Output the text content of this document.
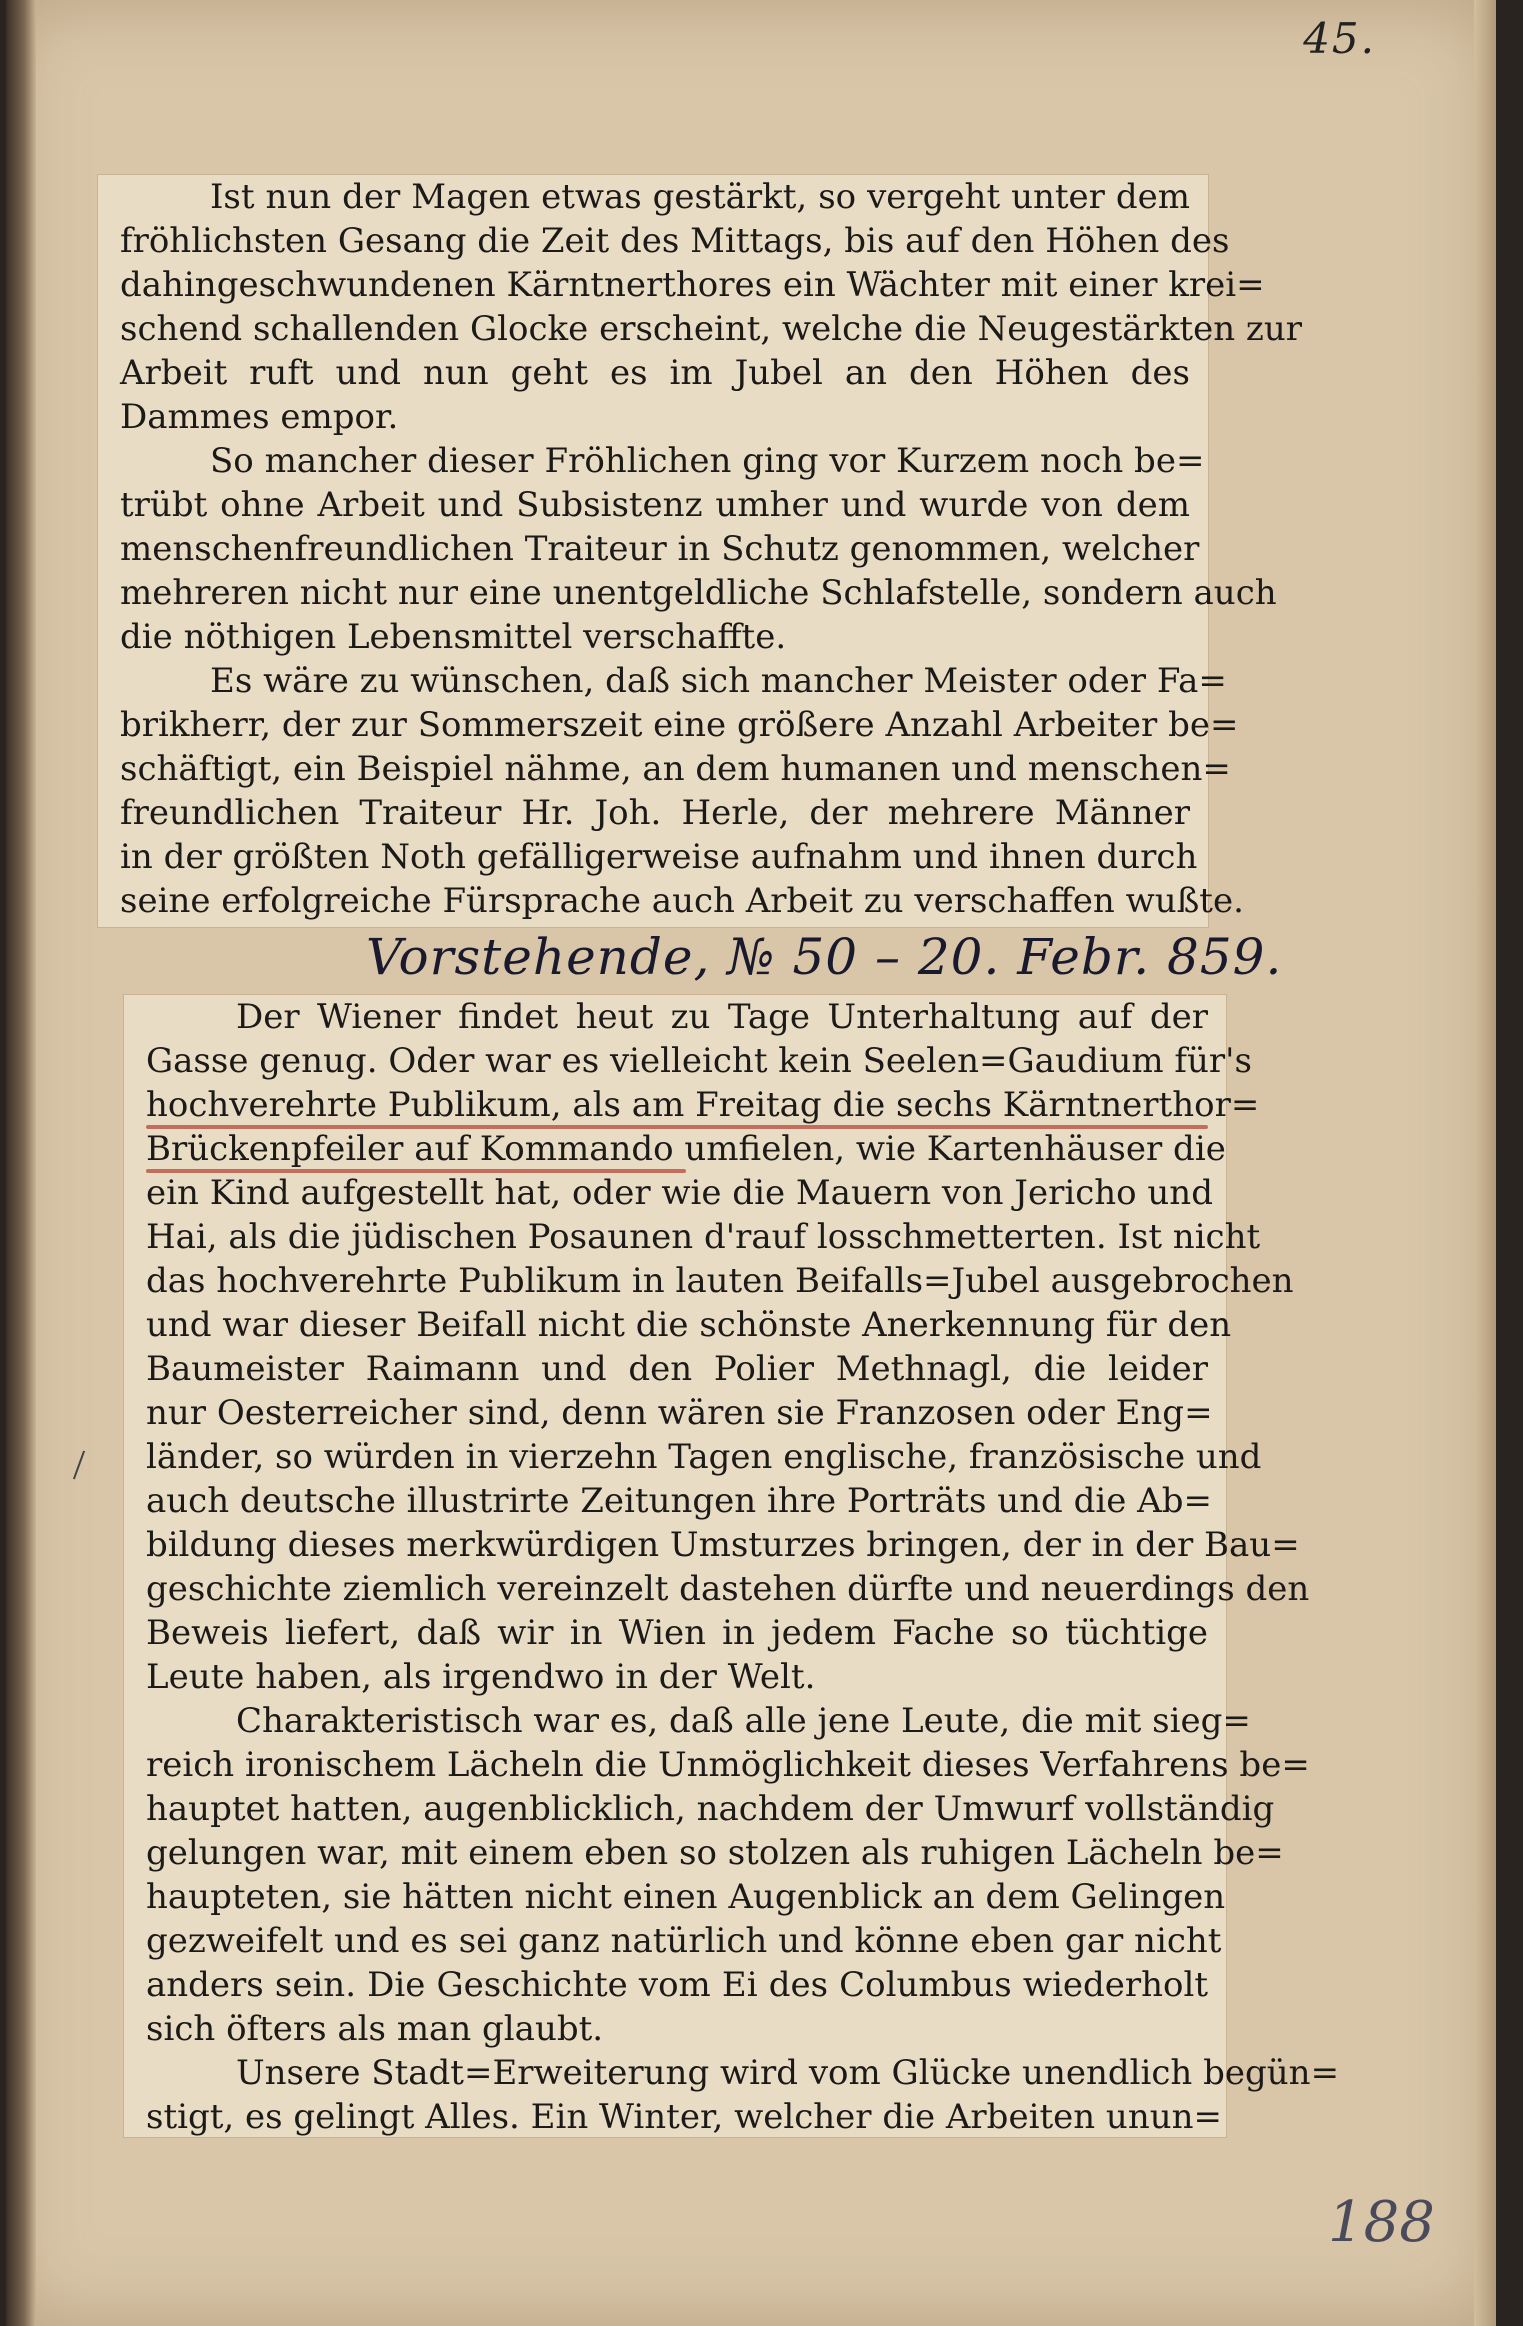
45.
Ist nun der Magen etwas gestärkt, so vergeht unter dem
fröhlichsten Gesang die Zeit des Mittags, bis auf den Höhen des
dahingeschwundenen Kärntnerthores ein Wächter mit einer krei=
schend schallenden Glocke erscheint, welche die Neugestärkten zur
Arbeit ruft und nun geht es im Jubel an den Höhen des
Dammes empor.
So mancher dieser Fröhlichen ging vor Kurzem noch be=
trübt ohne Arbeit und Subsistenz umher und wurde von dem
menschenfreundlichen Traiteur in Schutz genommen, welcher
mehreren nicht nur eine unentgeldliche Schlafstelle, sondern auch
die nöthigen Lebensmittel verschaffte.
Es wäre zu wünschen, daß sich mancher Meister oder Fa=
brikherr, der zur Sommerszeit eine größere Anzahl Arbeiter be=
schäftigt, ein Beispiel nähme, an dem humanen und menschen=
freundlichen Traiteur Hr. Joh. Herle, der mehrere Männer
in der größten Noth gefälligerweise aufnahm und ihnen durch
seine erfolgreiche Fürsprache auch Arbeit zu verschaffen wußte.
Vorstehende, № 50 – 20. Febr. 859.
Der Wiener findet heut zu Tage Unterhaltung auf der
Gasse genug. Oder war es vielleicht kein Seelen=Gaudium für's
hochverehrte Publikum, als am Freitag die sechs Kärntnerthor=
Brückenpfeiler auf Kommando umfielen, wie Kartenhäuser die
ein Kind aufgestellt hat, oder wie die Mauern von Jericho und
Hai, als die jüdischen Posaunen d'rauf losschmetterten. Ist nicht
das hochverehrte Publikum in lauten Beifalls=Jubel ausgebrochen
und war dieser Beifall nicht die schönste Anerkennung für den
Baumeister Raimann und den Polier Methnagl, die leider
nur Oesterreicher sind, denn wären sie Franzosen oder Eng=
länder, so würden in vierzehn Tagen englische, französische und
auch deutsche illustrirte Zeitungen ihre Porträts und die Ab=
bildung dieses merkwürdigen Umsturzes bringen, der in der Bau=
geschichte ziemlich vereinzelt dastehen dürfte und neuerdings den
Beweis liefert, daß wir in Wien in jedem Fache so tüchtige
Leute haben, als irgendwo in der Welt.
Charakteristisch war es, daß alle jene Leute, die mit sieg=
reich ironischem Lächeln die Unmöglichkeit dieses Verfahrens be=
hauptet hatten, augenblicklich, nachdem der Umwurf vollständig
gelungen war, mit einem eben so stolzen als ruhigen Lächeln be=
haupteten, sie hätten nicht einen Augenblick an dem Gelingen
gezweifelt und es sei ganz natürlich und könne eben gar nicht
anders sein. Die Geschichte vom Ei des Columbus wiederholt
sich öfters als man glaubt.
Unsere Stadt=Erweiterung wird vom Glücke unendlich begün=
stigt, es gelingt Alles. Ein Winter, welcher die Arbeiten unun=
188
